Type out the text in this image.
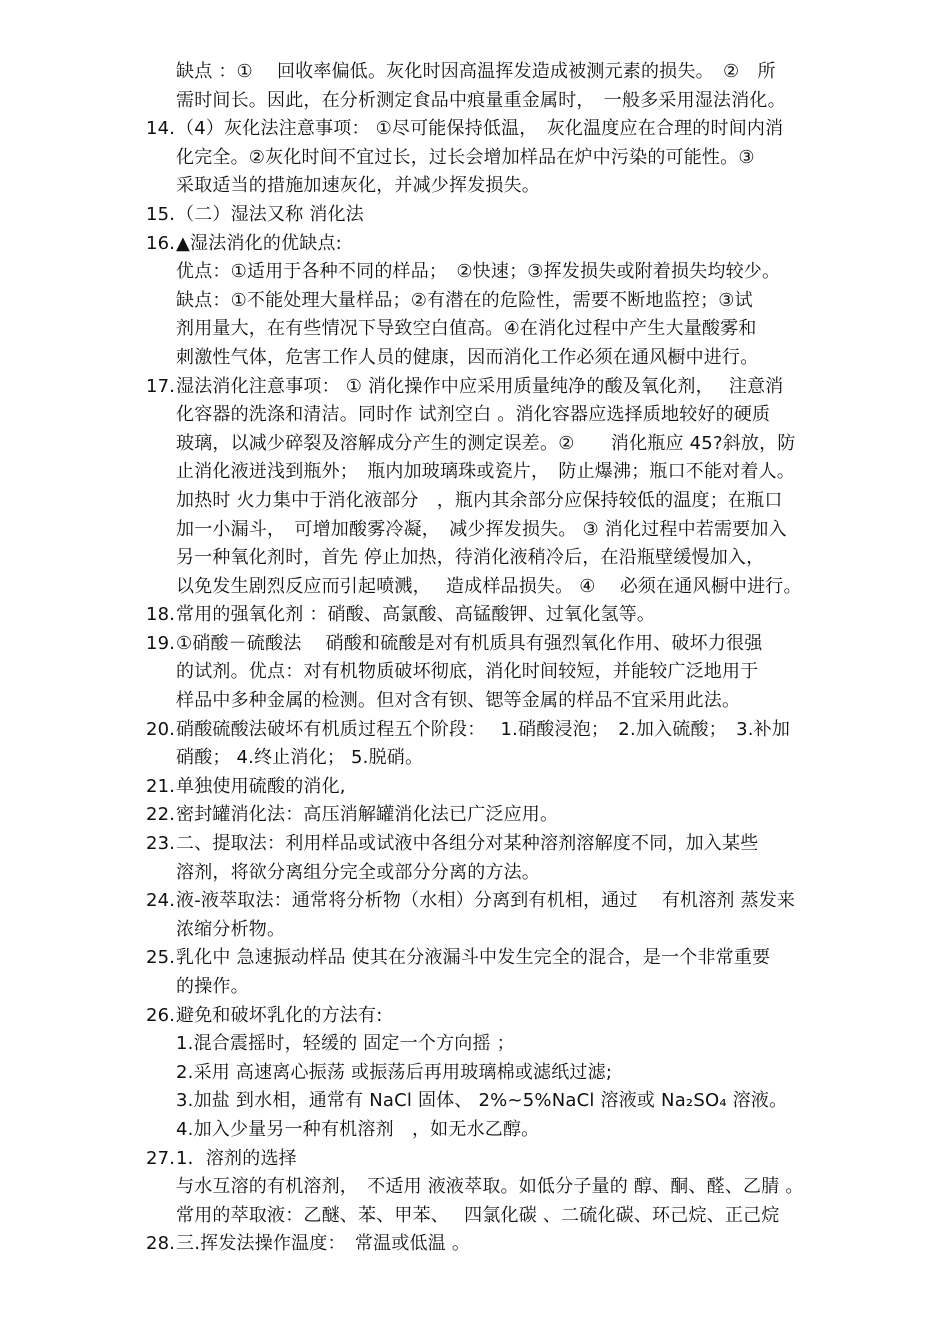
缺点 ：①　 回收率偏低。灰化时因高温挥发造成被测元素的损失。　②　所
需时间长。因此，在分析测定食品中痕量重金属时，　一般多采用湿法消化。
14. （4）灰化法注意事项： ①尽可能保持低温，　灰化温度应在合理的时间内消
化完全。②灰化时间不宜过长，过长会增加样品在炉中污染的可能性。③
采取适当的措施加速灰化，并减少挥发损失。
15. （二）湿法又称 消化法
16. ▲湿法消化的优缺点:
优点：①适用于各种不同的样品；　②快速；③挥发损失或附着损失均较少。
缺点：①不能处理大量样品；②有潜在的危险性，需要不断地监控；③试
剂用量大，在有些情况下导致空白值高。④在消化过程中产生大量酸雾和
刺激性气体，危害工作人员的健康，因而消化工作必须在通风橱中进行。
17. 湿法消化注意事项： ① 消化操作中应采用质量纯净的酸及氧化剂，　 注意消
化容器的洗涤和清洁。同时作 试剂空白 。消化容器应选择质地较好的硬质
玻璃，以减少碎裂及溶解成分产生的测定误差。②　　消化瓶应 45?斜放，防
止消化液迸浅到瓶外；　瓶内加玻璃珠或瓷片，　防止爆沸；瓶口不能对着人。
加热时 火力集中于消化液部分　，瓶内其余部分应保持较低的温度；在瓶口
加一小漏斗，　可增加酸雾冷凝，　减少挥发损失。 ③ 消化过程中若需要加入
另一种氧化剂时，首先 停止加热，待消化液稍冷后，在沿瓶壁缓慢加入，
以免发生剧烈反应而引起喷溅，　 造成样品损失。 ④　 必须在通风橱中进行。
18. 常用的强氧化剂 ：硝酸、高氯酸、高锰酸钾、过氧化氢等。
19. ①硝酸－硫酸法　 硝酸和硫酸是对有机质具有强烈氧化作用、破坏力很强
的试剂。优点：对有机物质破坏彻底，消化时间较短，并能较广泛地用于
样品中多种金属的检测。但对含有钡、锶等金属的样品不宜采用此法。
20. 硝酸硫酸法破坏有机质过程五个阶段：　 1.硝酸浸泡；　2.加入硫酸；　3.补加
硝酸； 4.终止消化； 5.脱硝。
21. 单独使用硫酸的消化,
22. 密封罐消化法：高压消解罐消化法已广泛应用。
23. 二、提取法：利用样品或试液中各组分对某种溶剂溶解度不同，加入某些
溶剂，将欲分离组分完全或部分分离的方法。
24. 液-液萃取法：通常将分析物（水相）分离到有机相，通过　 有机溶剂 蒸发来
浓缩分析物。
25. 乳化中 急速振动样品 使其在分液漏斗中发生完全的混合，是一个非常重要
的操作。
26. 避免和破坏乳化的方法有:
1.混合震摇时，轻缓的 固定一个方向摇 ；
2.采用 高速离心振荡 或振荡后再用玻璃棉或滤纸过滤;
3.加盐 到水相，通常有 NaCl 固体、 2%~5%NaCl 溶液或 Na₂SO₄ 溶液。
4.加入少量另一种有机溶剂　，如无水乙醇。
27. 1．溶剂的选择
与水互溶的有机溶剂，　不适用 液液萃取。如低分子量的 醇、酮、醛、乙腈 。
常用的萃取液：乙醚、苯、甲苯、　 四氯化碳 、二硫化碳、环己烷、正己烷
28. 三.挥发法操作温度：　常温或低温 。
